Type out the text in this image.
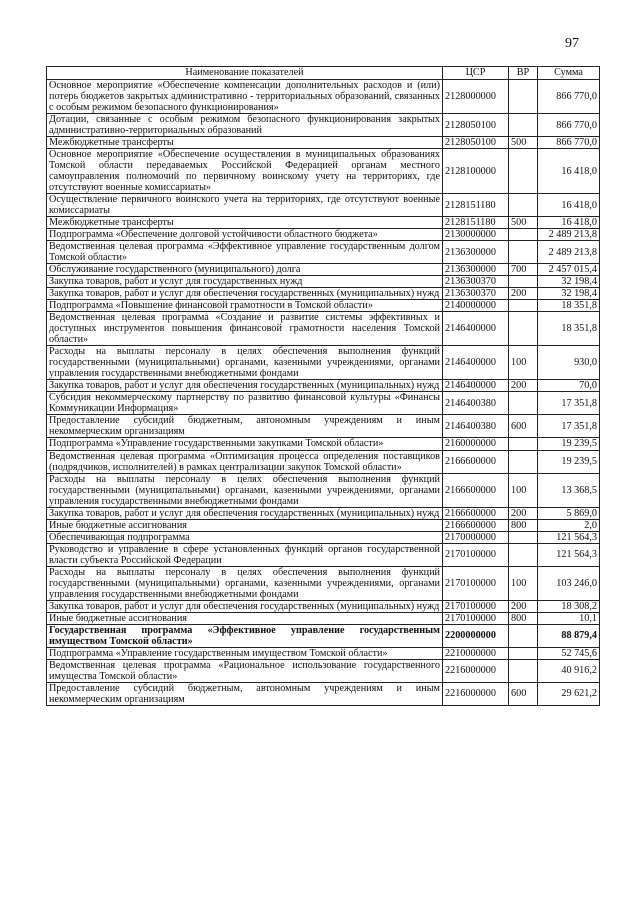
97
Наименование показателей	ЦСР	ВР	Сумма
Основное мероприятие «Обеспечение компенсации дополнительных расходов и (или) потерь бюджетов закрытых административно - территориальных образований, связанных с особым режимом безопасного функционирования»	2128000000		866 770,0
Дотации, связанные с особым режимом безопасного функционирования закрытых административно-территориальных образований	2128050100		866 770,0
Межбюджетные трансферты	2128050100	500	866 770,0
Основное мероприятие «Обеспечение осуществления в муниципальных образованиях Томской области передаваемых Российской Федерацией органам местного самоуправления полномочий по первичному воинскому учету на территориях, где отсутствуют военные комиссариаты»	2128100000		16 418,0
Осуществление первичного воинского учета на территориях, где отсутствуют военные комиссариаты	2128151180		16 418,0
Межбюджетные трансферты	2128151180	500	16 418,0
Подпрограмма «Обеспечение долговой устойчивости областного бюджета»	2130000000		2 489 213,8
Ведомственная целевая программа «Эффективное управление государственным долгом Томской области»	2136300000		2 489 213,8
Обслуживание государственного (муниципального) долга	2136300000	700	2 457 015,4
Закупка товаров, работ и услуг для государственных нужд	2136300370		32 198,4
Закупка товаров, работ и услуг для обеспечения государственных (муниципальных) нужд	2136300370	200	32 198,4
Подпрограмма «Повышение финансовой грамотности в Томской области»	2140000000		18 351,8
Ведомственная целевая программа «Создание и развитие системы эффективных и доступных инструментов повышения финансовой грамотности населения Томской области»	2146400000		18 351,8
Расходы на выплаты персоналу в целях обеспечения выполнения функций государственными (муниципальными) органами, казенными учреждениями, органами управления государственными внебюджетными фондами	2146400000	100	930,0
Закупка товаров, работ и услуг для обеспечения государственных (муниципальных) нужд	2146400000	200	70,0
Субсидия некоммерческому партнерству по развитию финансовой культуры «Финансы Коммуникации Информация»	2146400380		17 351,8
Предоставление субсидий бюджетным, автономным учреждениям и иным некоммерческим организациям	2146400380	600	17 351,8
Подпрограмма «Управление государственными закупками Томской области»	2160000000		19 239,5
Ведомственная целевая программа «Оптимизация процесса определения поставщиков (подрядчиков, исполнителей) в рамках централизации закупок Томской области»	2166600000		19 239,5
Расходы на выплаты персоналу в целях обеспечения выполнения функций государственными (муниципальными) органами, казенными учреждениями, органами управления государственными внебюджетными фондами	2166600000	100	13 368,5
Закупка товаров, работ и услуг для обеспечения государственных (муниципальных) нужд	2166600000	200	5 869,0
Иные бюджетные ассигнования	2166600000	800	2,0
Обеспечивающая подпрограмма	2170000000		121 564,3
Руководство и управление в сфере установленных функций органов государственной власти субъекта Российской Федерации	2170100000		121 564,3
Расходы на выплаты персоналу в целях обеспечения выполнения функций государственными (муниципальными) органами, казенными учреждениями, органами управления государственными внебюджетными фондами	2170100000	100	103 246,0
Закупка товаров, работ и услуг для обеспечения государственных (муниципальных) нужд	2170100000	200	18 308,2
Иные бюджетные ассигнования	2170100000	800	10,1
Государственная программа «Эффективное управление государственным имуществом Томской области»	2200000000		88 879,4
Подпрограмма «Управление государственным имуществом Томской области»	2210000000		52 745,6
Ведомственная целевая программа «Рациональное использование государственного имущества Томской области»	2216000000		40 916,2
Предоставление субсидий бюджетным, автономным учреждениям и иным некоммерческим организациям	2216000000	600	29 621,2
